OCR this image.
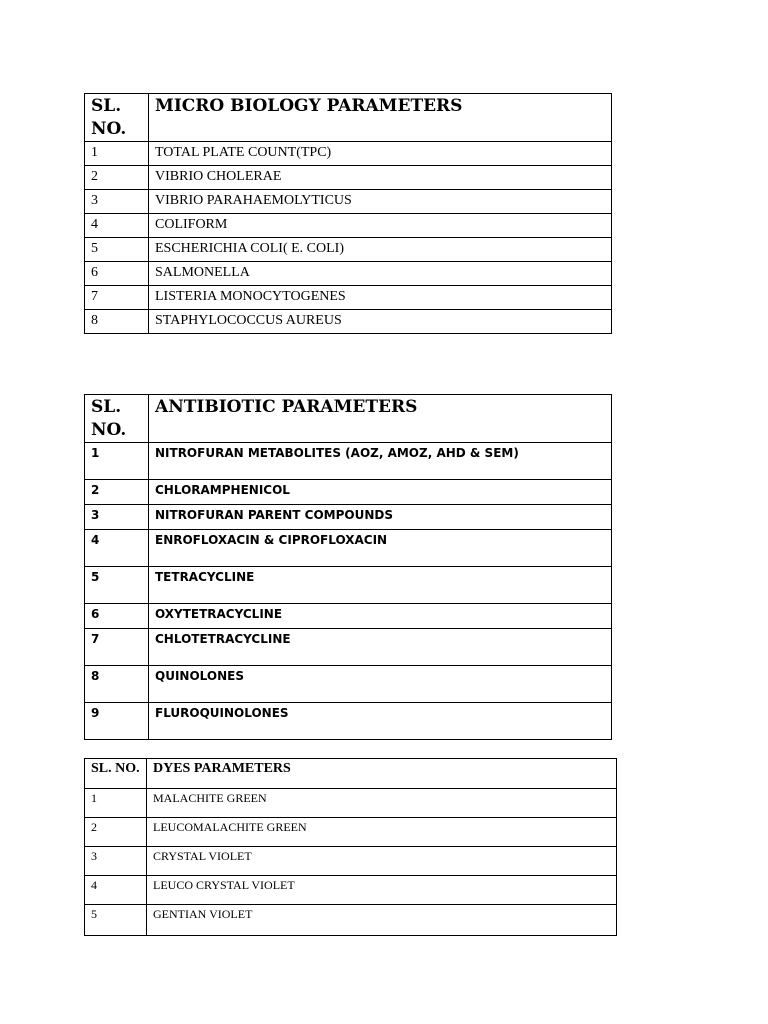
SL. NO.	MICRO BIOLOGY PARAMETERS
1	TOTAL PLATE COUNT(TPC)
2	VIBRIO CHOLERAE
3	VIBRIO PARAHAEMOLYTICUS
4	COLIFORM
5	ESCHERICHIA COLI( E. COLI)
6	SALMONELLA
7	LISTERIA MONOCYTOGENES
8	STAPHYLOCOCCUS AUREUS
SL. NO.	ANTIBIOTIC PARAMETERS
1	NITROFURAN METABOLITES (AOZ, AMOZ, AHD & SEM)
2	CHLORAMPHENICOL
3	NITROFURAN PARENT COMPOUNDS
4	ENROFLOXACIN & CIPROFLOXACIN
5	TETRACYCLINE
6	OXYTETRACYCLINE
7	CHLOTETRACYCLINE
8	QUINOLONES
9	FLUROQUINOLONES
SL. NO.	DYES PARAMETERS
1	MALACHITE GREEN
2	LEUCOMALACHITE GREEN
3	CRYSTAL VIOLET
4	LEUCO CRYSTAL VIOLET
5	GENTIAN VIOLET
